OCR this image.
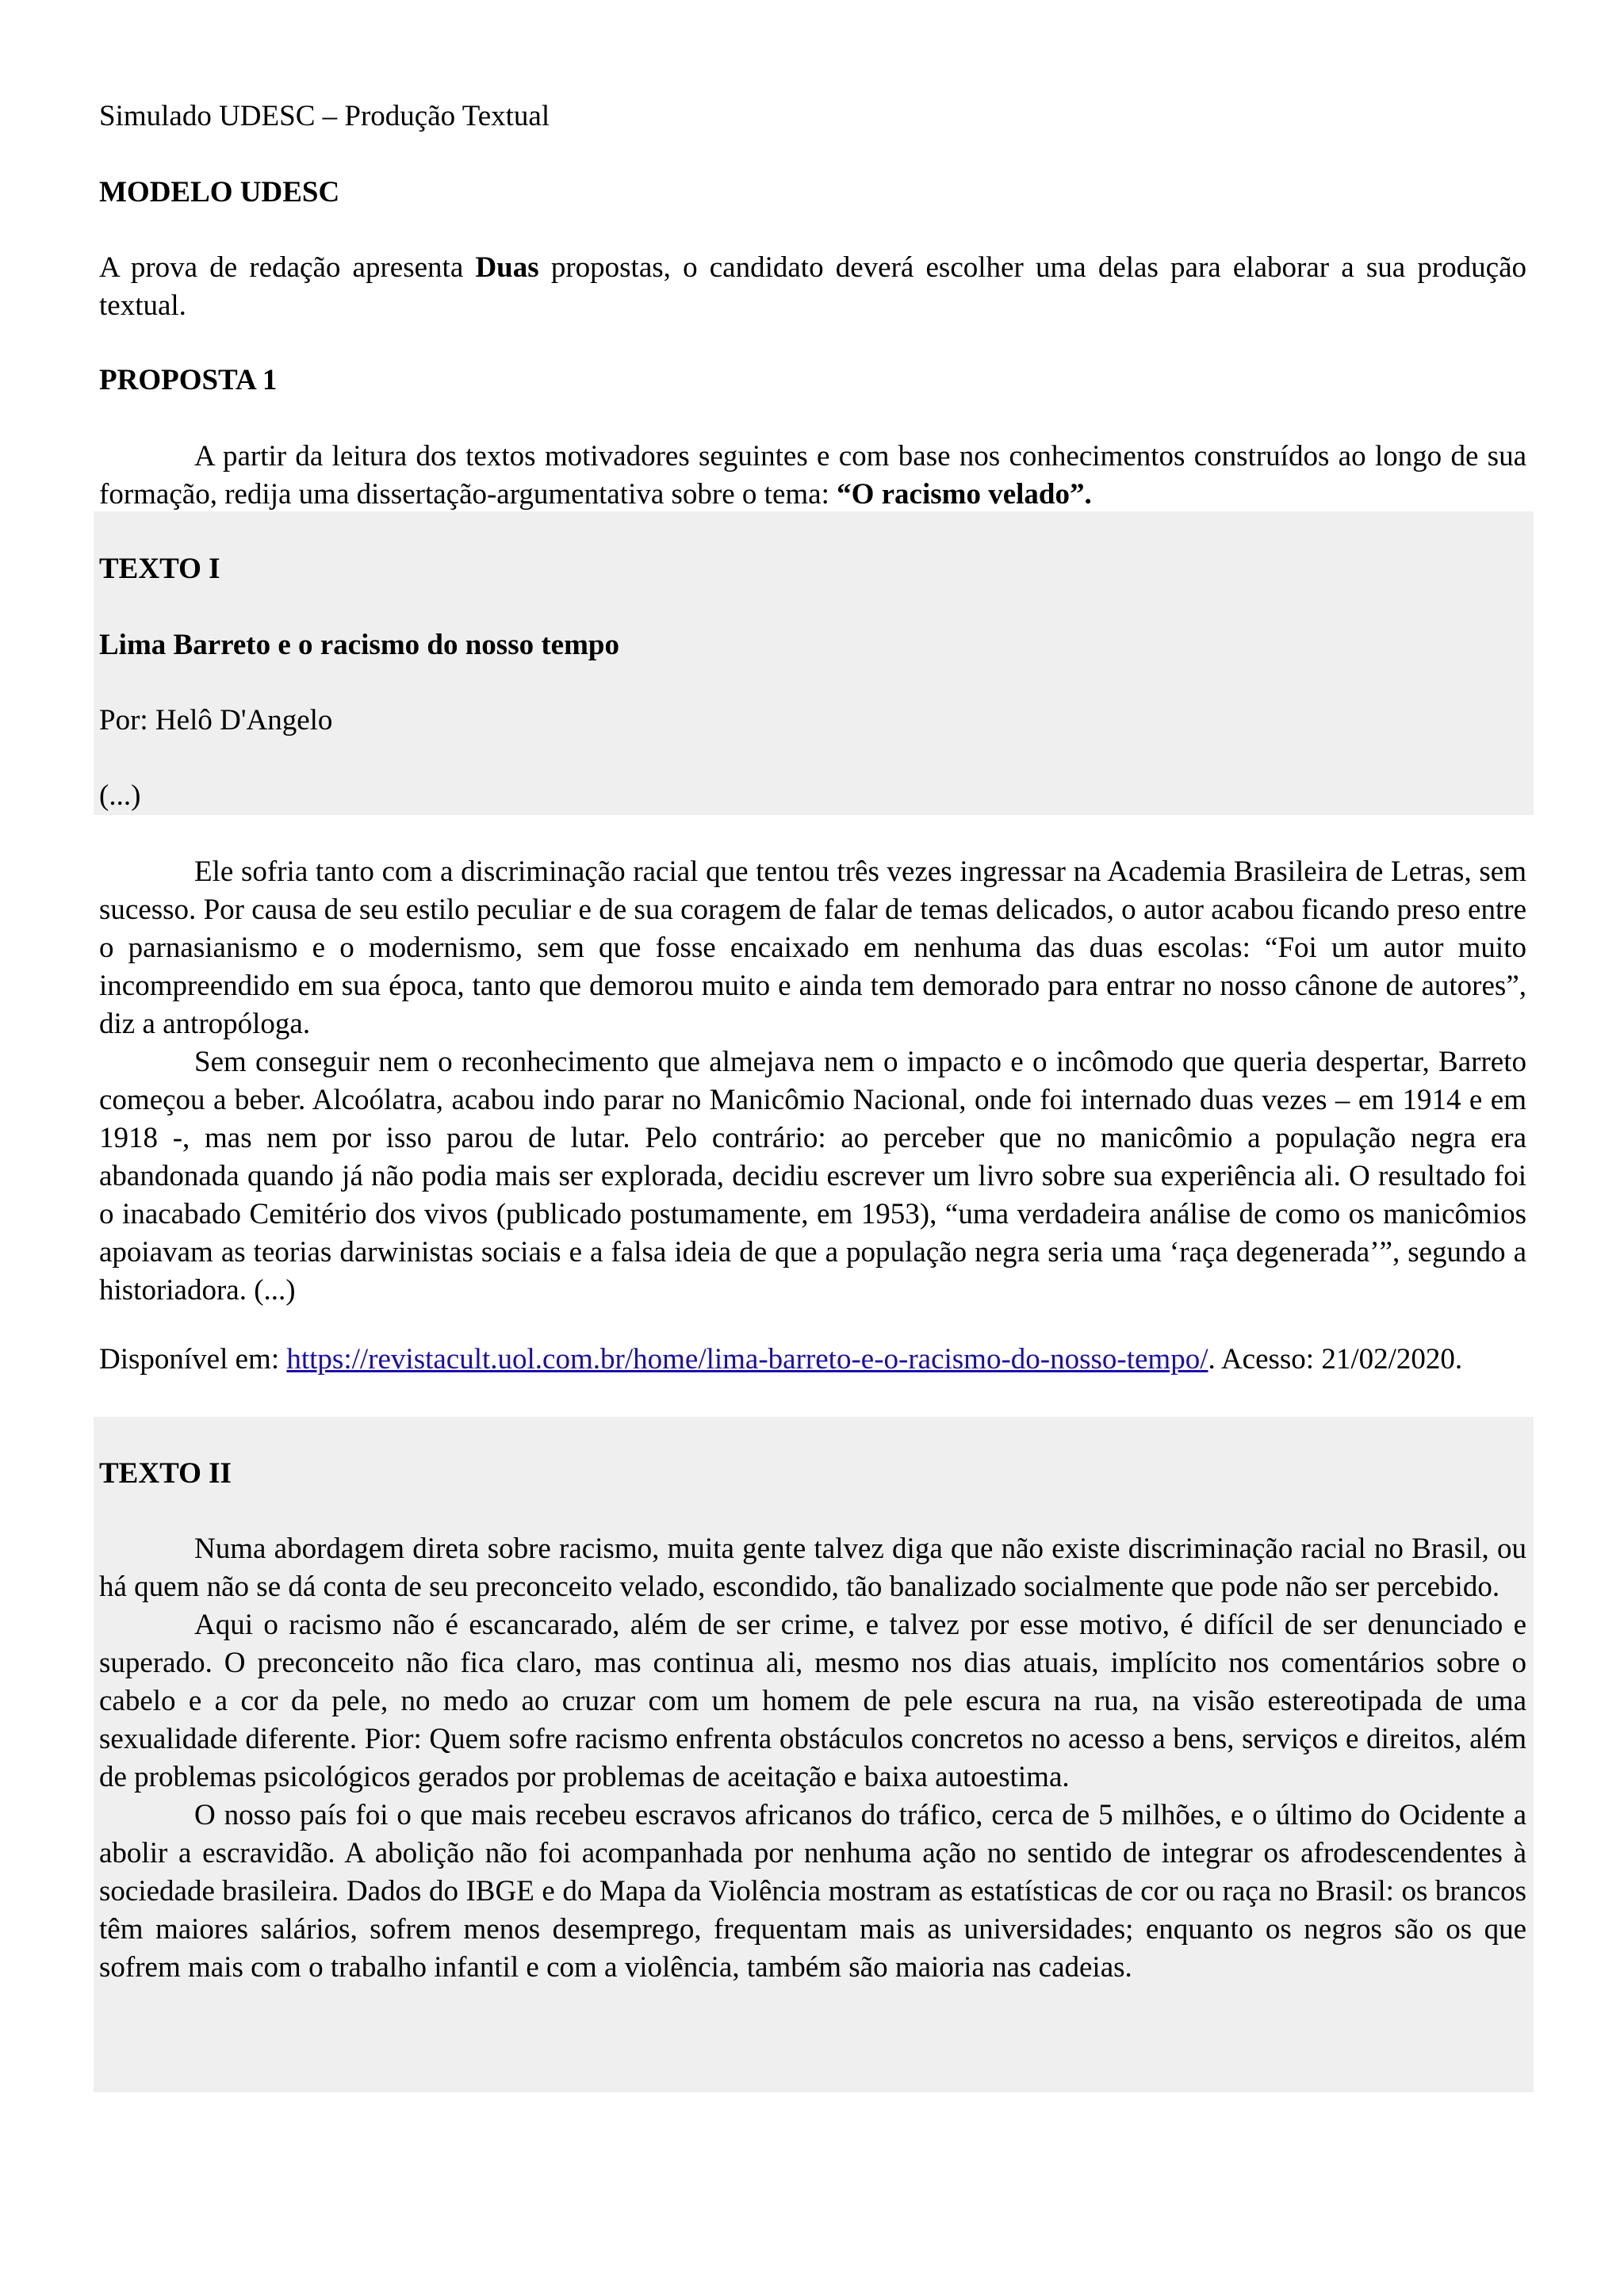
Simulado UDESC – Produção Textual

MODELO UDESC

A prova de redação apresenta Duas propostas, o candidato deverá escolher uma delas para elaborar a sua produção textual.

PROPOSTA 1

A partir da leitura dos textos motivadores seguintes e com base nos conhecimentos construídos ao longo de sua formação, redija uma dissertação-argumentativa sobre o tema: “O racismo velado”.

TEXTO I

Lima Barreto e o racismo do nosso tempo

Por: Helô D'Angelo

(...)

Ele sofria tanto com a discriminação racial que tentou três vezes ingressar na Academia Brasileira de Letras, sem sucesso. Por causa de seu estilo peculiar e de sua coragem de falar de temas delicados, o autor acabou ficando preso entre o parnasianismo e o modernismo, sem que fosse encaixado em nenhuma das duas escolas: “Foi um autor muito incompreendido em sua época, tanto que demorou muito e ainda tem demorado para entrar no nosso cânone de autores”, diz a antropóloga.

Sem conseguir nem o reconhecimento que almejava nem o impacto e o incômodo que queria despertar, Barreto começou a beber. Alcoólatra, acabou indo parar no Manicômio Nacional, onde foi internado duas vezes – em 1914 e em 1918 -, mas nem por isso parou de lutar. Pelo contrário: ao perceber que no manicômio a população negra era abandonada quando já não podia mais ser explorada, decidiu escrever um livro sobre sua experiência ali. O resultado foi o inacabado Cemitério dos vivos (publicado postumamente, em 1953), “uma verdadeira análise de como os manicômios apoiavam as teorias darwinistas sociais e a falsa ideia de que a população negra seria uma ‘raça degenerada’”, segundo a historiadora. (...)

Disponível em: https://revistacult.uol.com.br/home/lima-barreto-e-o-racismo-do-nosso-tempo/. Acesso: 21/02/2020.

TEXTO II

Numa abordagem direta sobre racismo, muita gente talvez diga que não existe discriminação racial no Brasil, ou há quem não se dá conta de seu preconceito velado, escondido, tão banalizado socialmente que pode não ser percebido.

Aqui o racismo não é escancarado, além de ser crime, e talvez por esse motivo, é difícil de ser denunciado e superado. O preconceito não fica claro, mas continua ali, mesmo nos dias atuais, implícito nos comentários sobre o cabelo e a cor da pele, no medo ao cruzar com um homem de pele escura na rua, na visão estereotipada de uma sexualidade diferente. Pior: Quem sofre racismo enfrenta obstáculos concretos no acesso a bens, serviços e direitos, além de problemas psicológicos gerados por problemas de aceitação e baixa autoestima.

O nosso país foi o que mais recebeu escravos africanos do tráfico, cerca de 5 milhões, e o último do Ocidente a abolir a escravidão. A abolição não foi acompanhada por nenhuma ação no sentido de integrar os afrodescendentes à sociedade brasileira. Dados do IBGE e do Mapa da Violência mostram as estatísticas de cor ou raça no Brasil: os brancos têm maiores salários, sofrem menos desemprego, frequentam mais as universidades; enquanto os negros são os que sofrem mais com o trabalho infantil e com a violência, também são maioria nas cadeias.
